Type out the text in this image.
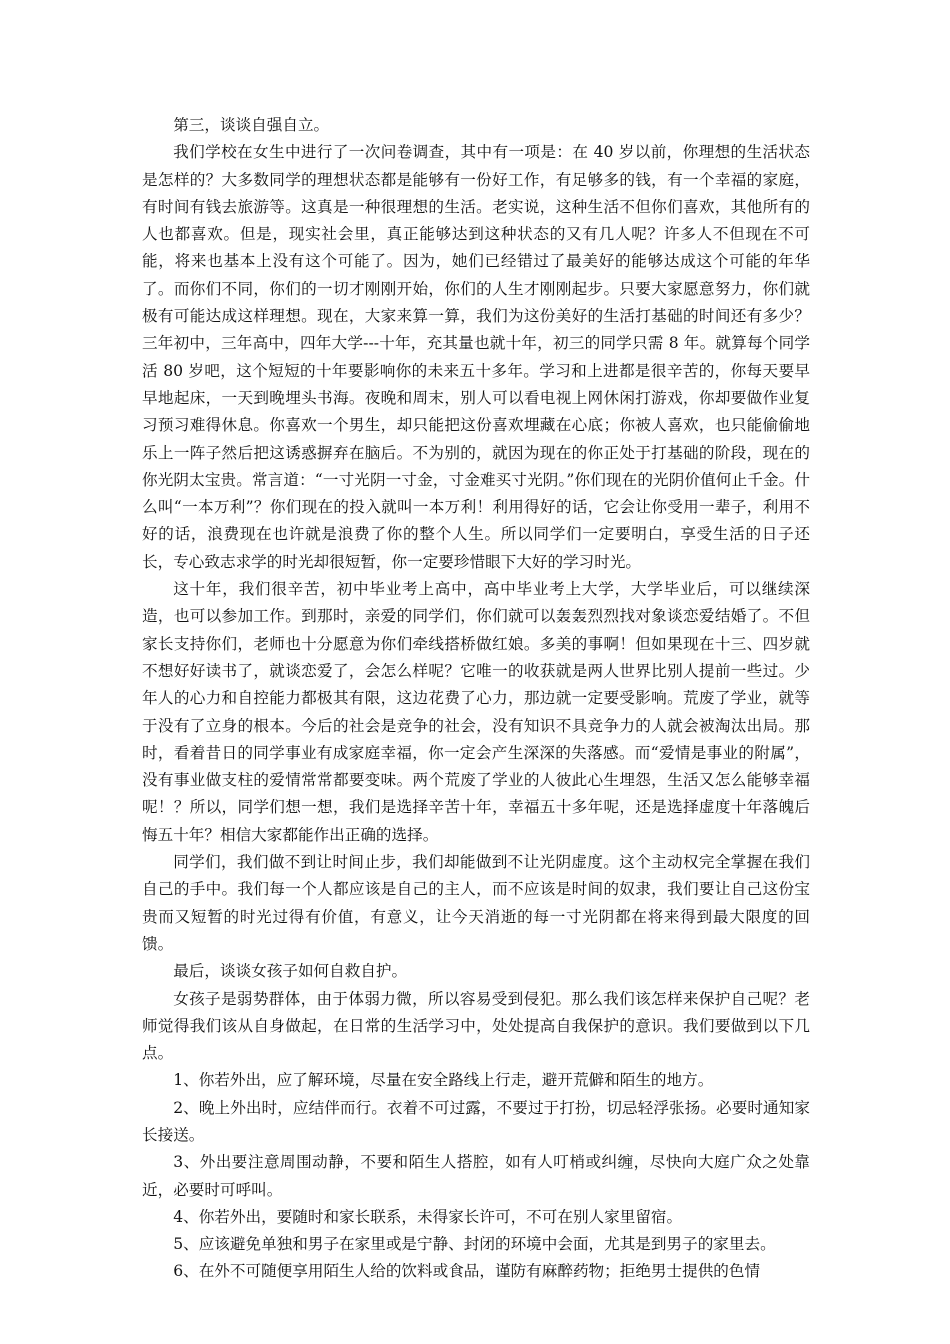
第三，谈谈自强自立。

我们学校在女生中进行了一次问卷调查，其中有一项是：在 40 岁以前，你理想的生活状态是怎样的？大多数同学的理想状态都是能够有一份好工作，有足够多的钱，有一个幸福的家庭，有时间有钱去旅游等。这真是一种很理想的生活。老实说，这种生活不但你们喜欢，其他所有的人也都喜欢。但是，现实社会里，真正能够达到这种状态的又有几人呢？许多人不但现在不可能，将来也基本上没有这个可能了。因为，她们已经错过了最美好的能够达成这个可能的年华了。而你们不同，你们的一切才刚刚开始，你们的人生才刚刚起步。只要大家愿意努力，你们就极有可能达成这样理想。现在，大家来算一算，我们为这份美好的生活打基础的时间还有多少？三年初中，三年高中，四年大学---十年，充其量也就十年，初三的同学只需 8 年。就算每个同学活 80 岁吧，这个短短的十年要影响你的未来五十多年。学习和上进都是很辛苦的，你每天要早早地起床，一天到晚埋头书海。夜晚和周末，别人可以看电视上网休闲打游戏，你却要做作业复习预习难得休息。你喜欢一个男生，却只能把这份喜欢埋藏在心底；你被人喜欢，也只能偷偷地乐上一阵子然后把这诱惑摒弃在脑后。不为别的，就因为现在的你正处于打基础的阶段，现在的你光阴太宝贵。常言道：“一寸光阴一寸金，寸金难买寸光阴。”你们现在的光阴价值何止千金。什么叫“一本万利”？你们现在的投入就叫一本万利！利用得好的话，它会让你受用一辈子，利用不好的话，浪费现在也许就是浪费了你的整个人生。所以同学们一定要明白，享受生活的日子还长，专心致志求学的时光却很短暂，你一定要珍惜眼下大好的学习时光。

这十年，我们很辛苦，初中毕业考上高中，高中毕业考上大学，大学毕业后，可以继续深造，也可以参加工作。到那时，亲爱的同学们，你们就可以轰轰烈烈找对象谈恋爱结婚了。不但家长支持你们，老师也十分愿意为你们牵线搭桥做红娘。多美的事啊！但如果现在十三、四岁就不想好好读书了，就谈恋爱了，会怎么样呢？它唯一的收获就是两人世界比别人提前一些过。少年人的心力和自控能力都极其有限，这边花费了心力，那边就一定要受影响。荒废了学业，就等于没有了立身的根本。今后的社会是竞争的社会，没有知识不具竞争力的人就会被淘汰出局。那时，看着昔日的同学事业有成家庭幸福，你一定会产生深深的失落感。而“爱情是事业的附属”，没有事业做支柱的爱情常常都要变味。两个荒废了学业的人彼此心生埋怨，生活又怎么能够幸福呢！？所以，同学们想一想，我们是选择辛苦十年，幸福五十多年呢，还是选择虚度十年落魄后悔五十年？相信大家都能作出正确的选择。

同学们，我们做不到让时间止步，我们却能做到不让光阴虚度。这个主动权完全掌握在我们自己的手中。我们每一个人都应该是自己的主人，而不应该是时间的奴隶，我们要让自己这份宝贵而又短暂的时光过得有价值，有意义，让今天消逝的每一寸光阴都在将来得到最大限度的回馈。

最后，谈谈女孩子如何自救自护。

女孩子是弱势群体，由于体弱力微，所以容易受到侵犯。那么我们该怎样来保护自己呢？老师觉得我们该从自身做起，在日常的生活学习中，处处提高自我保护的意识。我们要做到以下几点。

1、你若外出，应了解环境，尽量在安全路线上行走，避开荒僻和陌生的地方。

2、晚上外出时，应结伴而行。衣着不可过露，不要过于打扮，切忌轻浮张扬。必要时通知家长接送。

3、外出要注意周围动静，不要和陌生人搭腔，如有人叮梢或纠缠，尽快向大庭广众之处靠近，必要时可呼叫。

4、你若外出，要随时和家长联系，未得家长许可，不可在别人家里留宿。

5、应该避免单独和男子在家里或是宁静、封闭的环境中会面，尤其是到男子的家里去。

6、在外不可随便享用陌生人给的饮料或食品，谨防有麻醉药物；拒绝男士提供的色情
